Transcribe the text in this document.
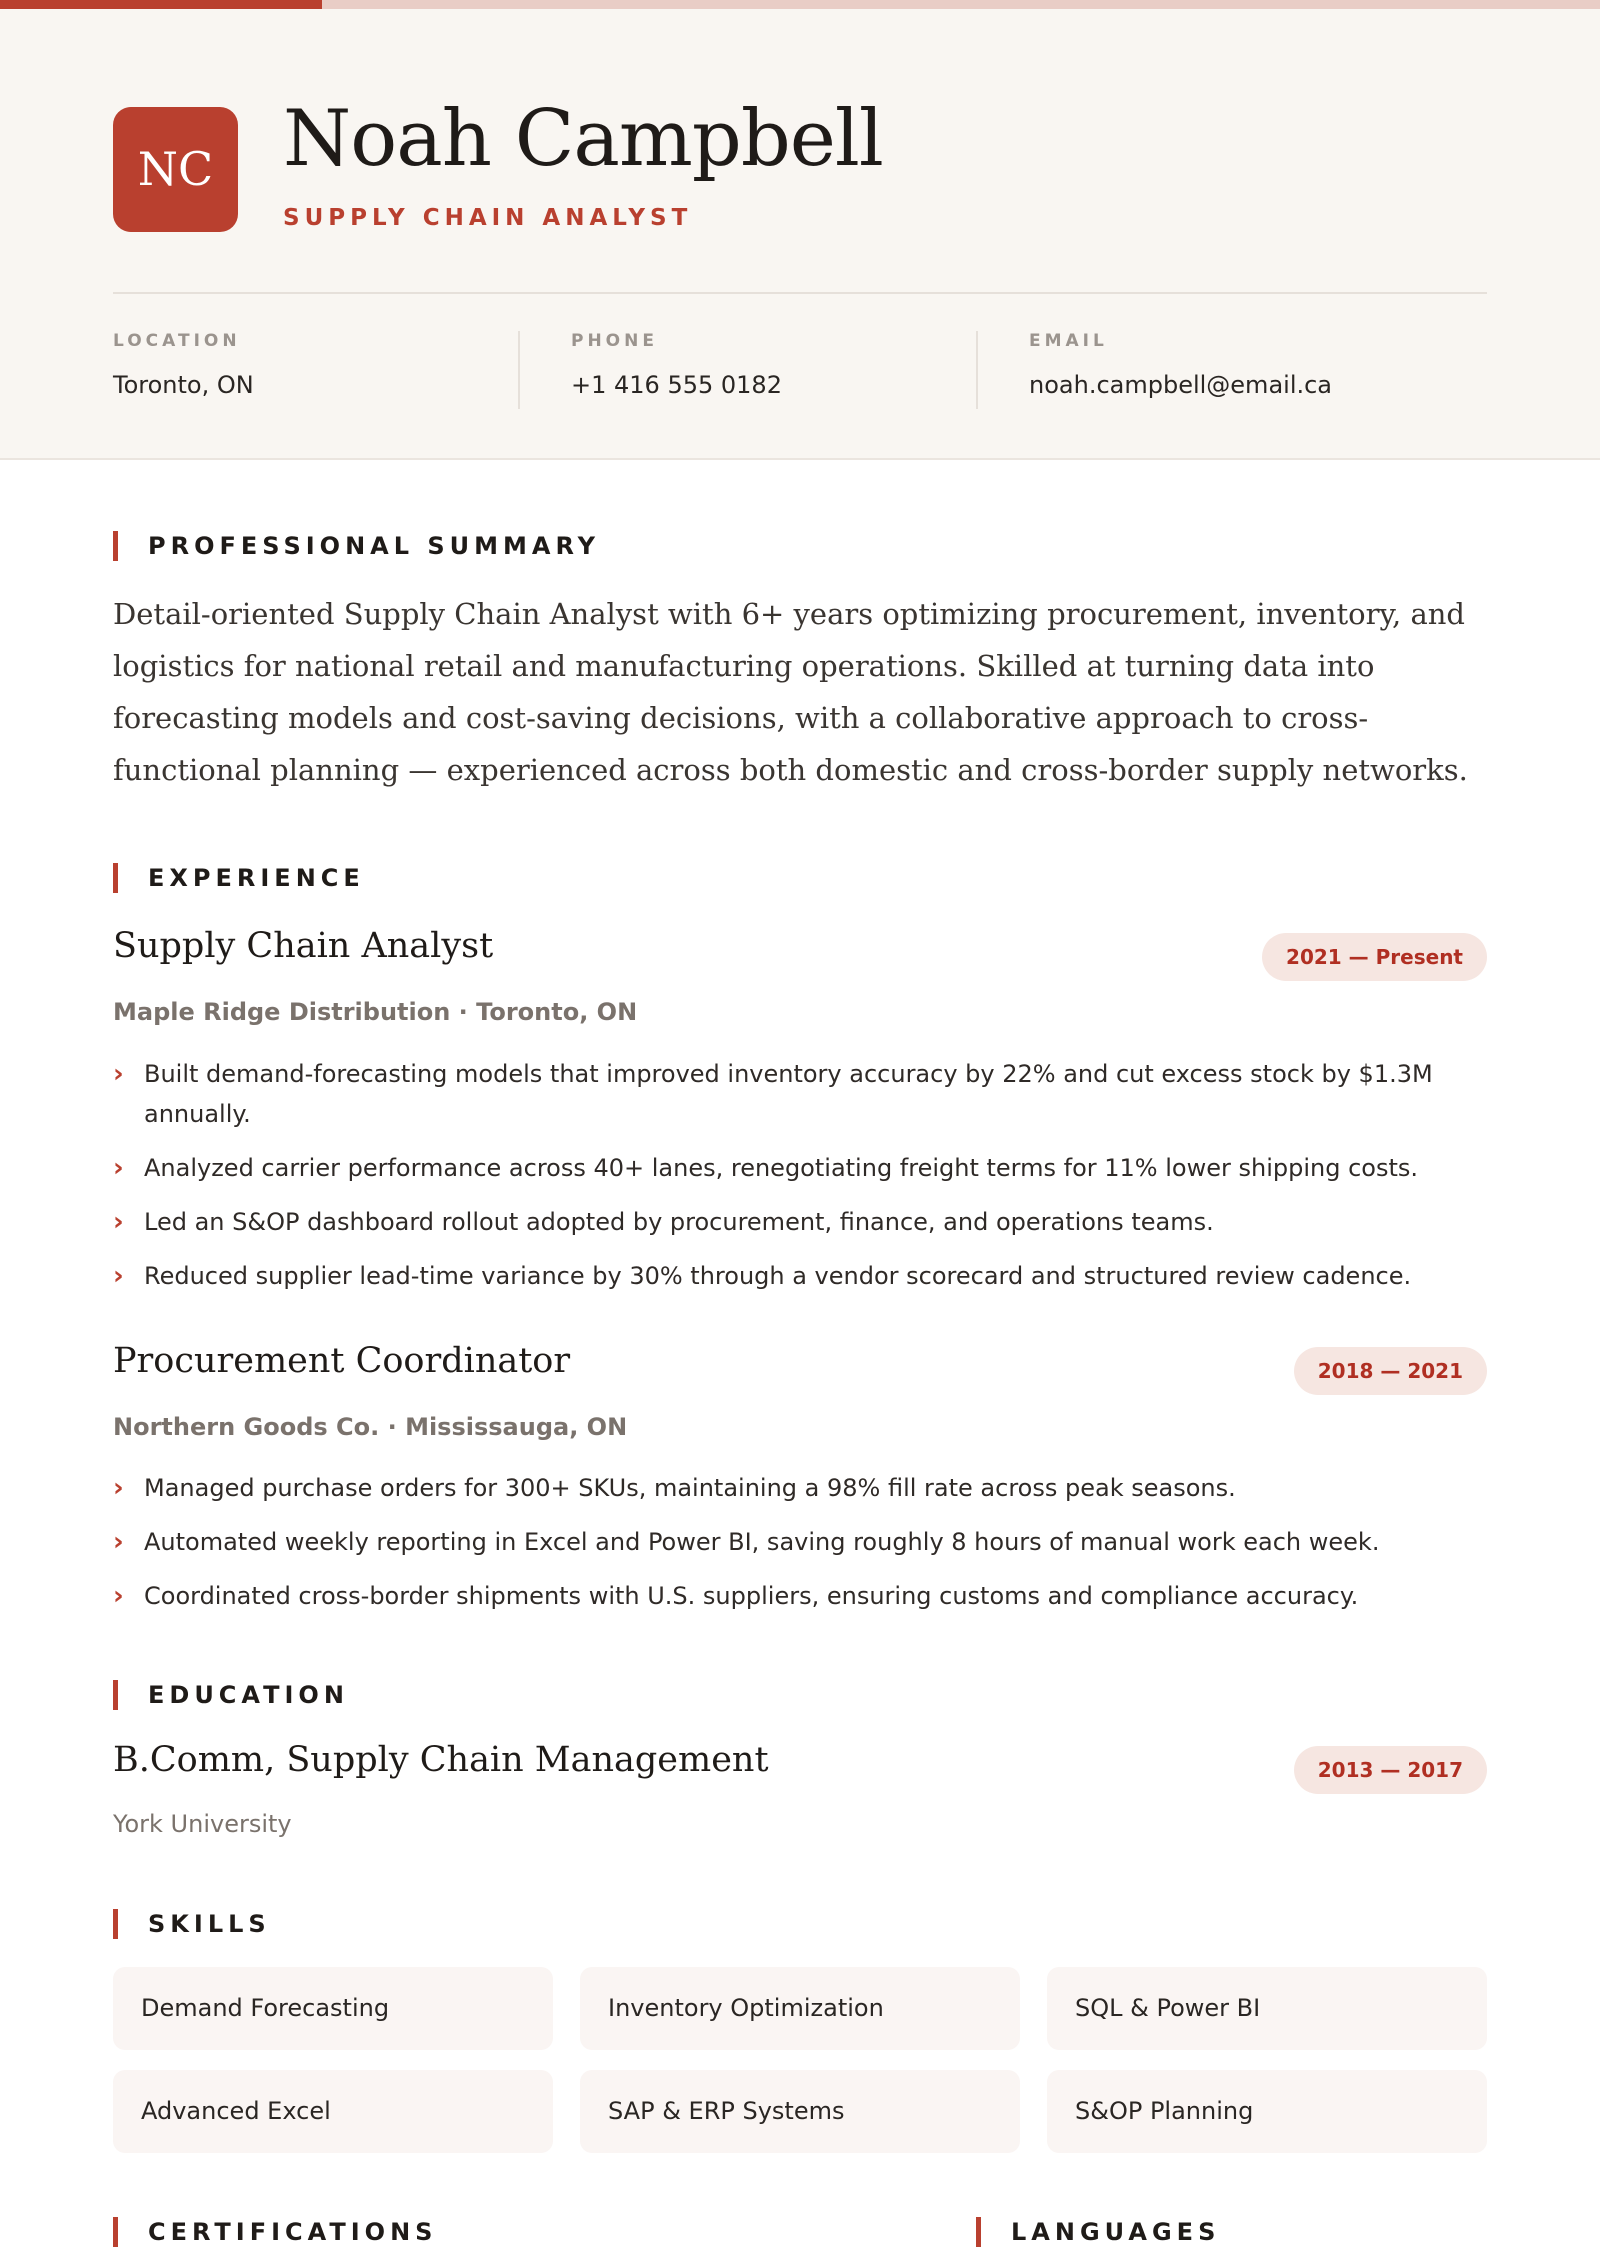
NC Noah Campbell
SUPPLY CHAIN ANALYST
LOCATION
Toronto, ON
PHONE
+1 416 555 0182
EMAIL
noah.campbell@email.ca
PROFESSIONAL SUMMARY

Detail-oriented Supply Chain Analyst with 6+ years optimizing procurement, inventory, and logistics for national retail and manufacturing operations. Skilled at turning data into forecasting models and cost-saving decisions, with a collaborative approach to cross-functional planning — experienced across both domestic and cross-border supply networks.

EXPERIENCE
Supply Chain Analyst	2021 — Present
Maple Ridge Distribution · Toronto, ON
› Built demand-forecasting models that improved inventory accuracy by 22% and cut excess stock by $1.3M annually.
› Analyzed carrier performance across 40+ lanes, renegotiating freight terms for 11% lower shipping costs.
› Led an S&OP dashboard rollout adopted by procurement, finance, and operations teams.
› Reduced supplier lead-time variance by 30% through a vendor scorecard and structured review cadence.
Procurement Coordinator	2018 — 2021
Northern Goods Co. · Mississauga, ON
› Managed purchase orders for 300+ SKUs, maintaining a 98% fill rate across peak seasons.
› Automated weekly reporting in Excel and Power BI, saving roughly 8 hours of manual work each week.
› Coordinated cross-border shipments with U.S. suppliers, ensuring customs and compliance accuracy.
EDUCATION
B.Comm, Supply Chain Management	2013 — 2017
York University
SKILLS
Demand Forecasting	Inventory Optimization	SQL & Power BI
Advanced Excel	SAP & ERP Systems	S&OP Planning
CERTIFICATIONS	LANGUAGES
